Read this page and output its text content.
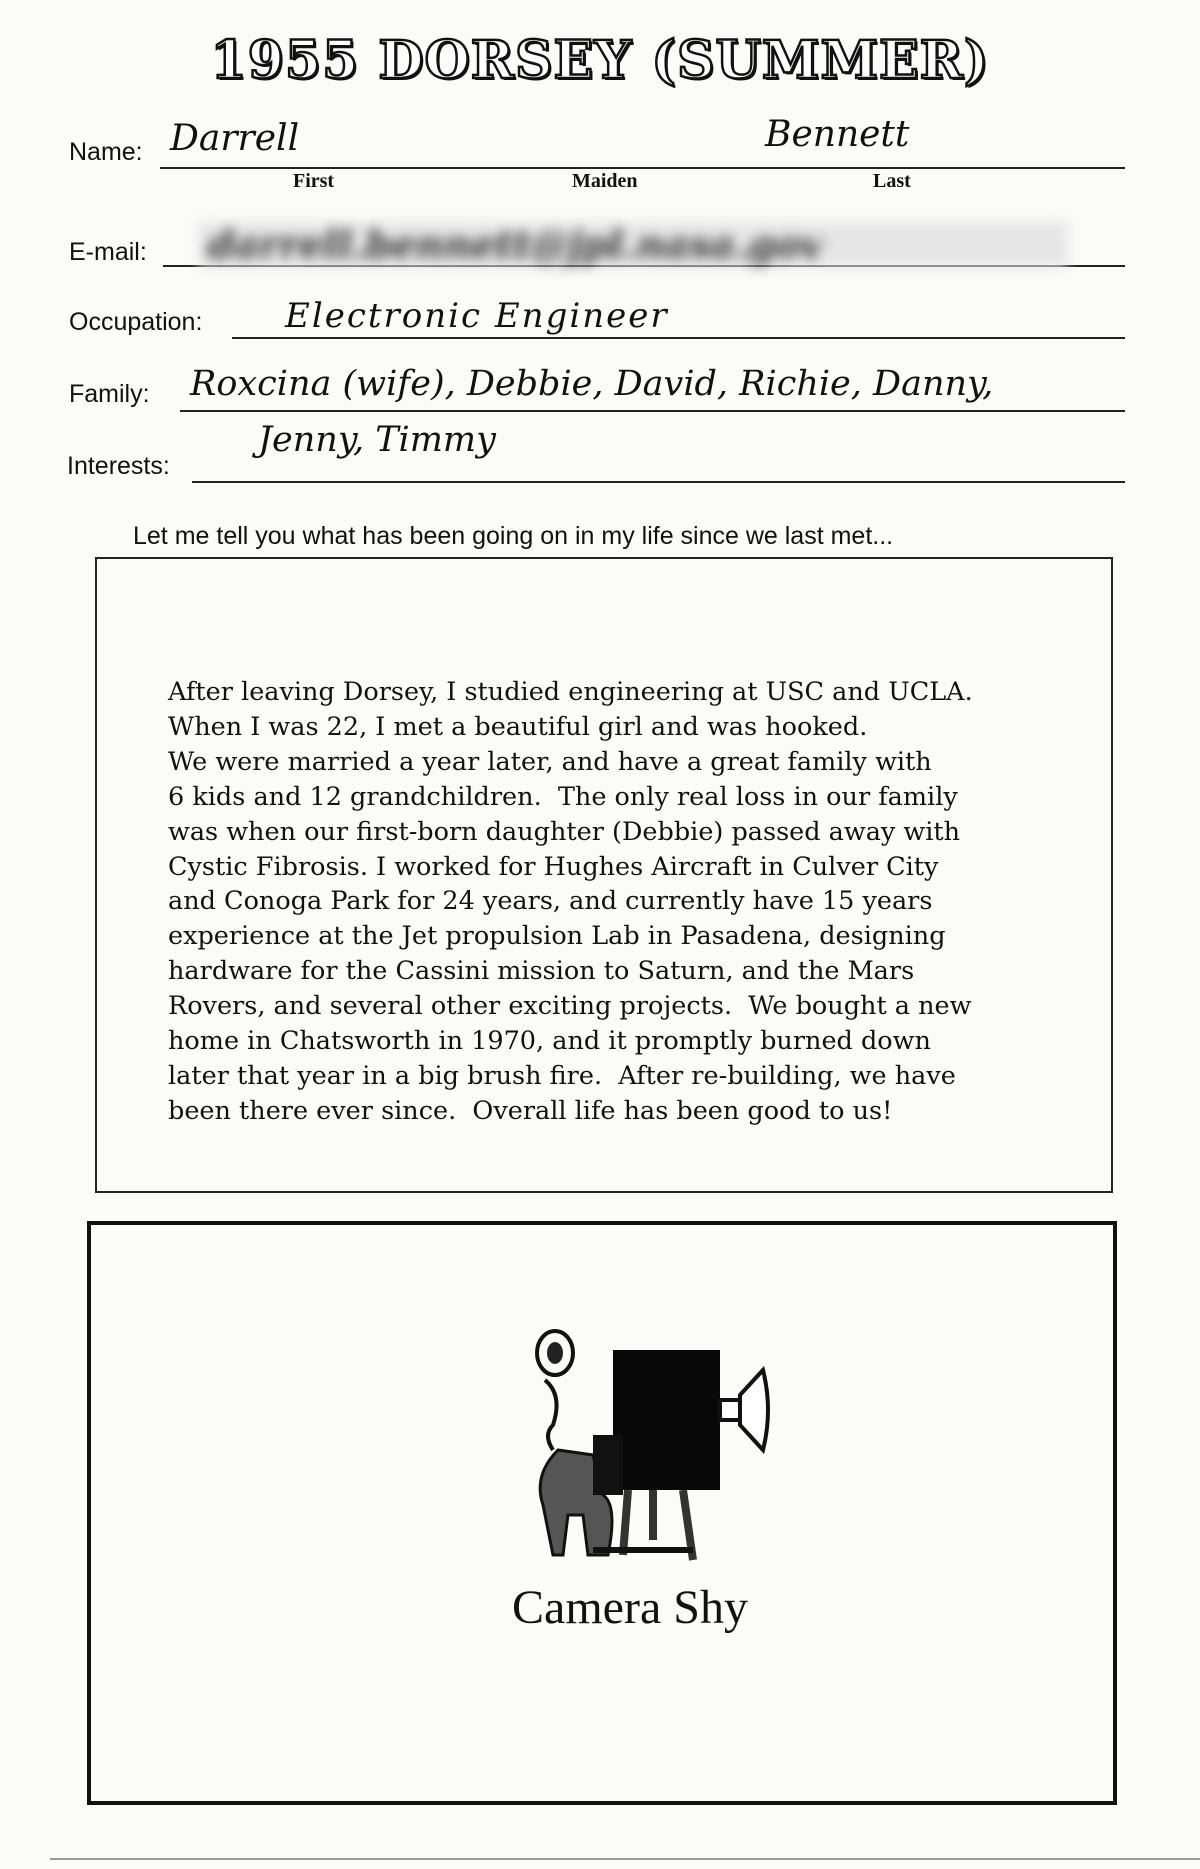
1955 DORSEY (SUMMER)
Name: Darrell	Bennett
First	Maiden	Last
E-mail: darrell.bennett@jpl.nasa.gov
Occupation: Electronic Engineer
Family: Roxcina (wife), Debbie, David, Richie, Danny,
Jenny, Timmy
Interests:
Let me tell you what has been going on in my life since we last met...
After leaving Dorsey, I studied engineering at USC and UCLA.
When I was 22, I met a beautiful girl and was hooked.
We were married a year later, and have a great family with
6 kids and 12 grandchildren.  The only real loss in our family
was when our first-born daughter (Debbie) passed away with
Cystic Fibrosis. I worked for Hughes Aircraft in Culver City
and Conoga Park for 24 years, and currently have 15 years
experience at the Jet propulsion Lab in Pasadena, designing
hardware for the Cassini mission to Saturn, and the Mars
Rovers, and several other exciting projects.  We bought a new
home in Chatsworth in 1970, and it promptly burned down
later that year in a big brush fire.  After re-building, we have
been there ever since.  Overall life has been good to us!
Camera Shy
